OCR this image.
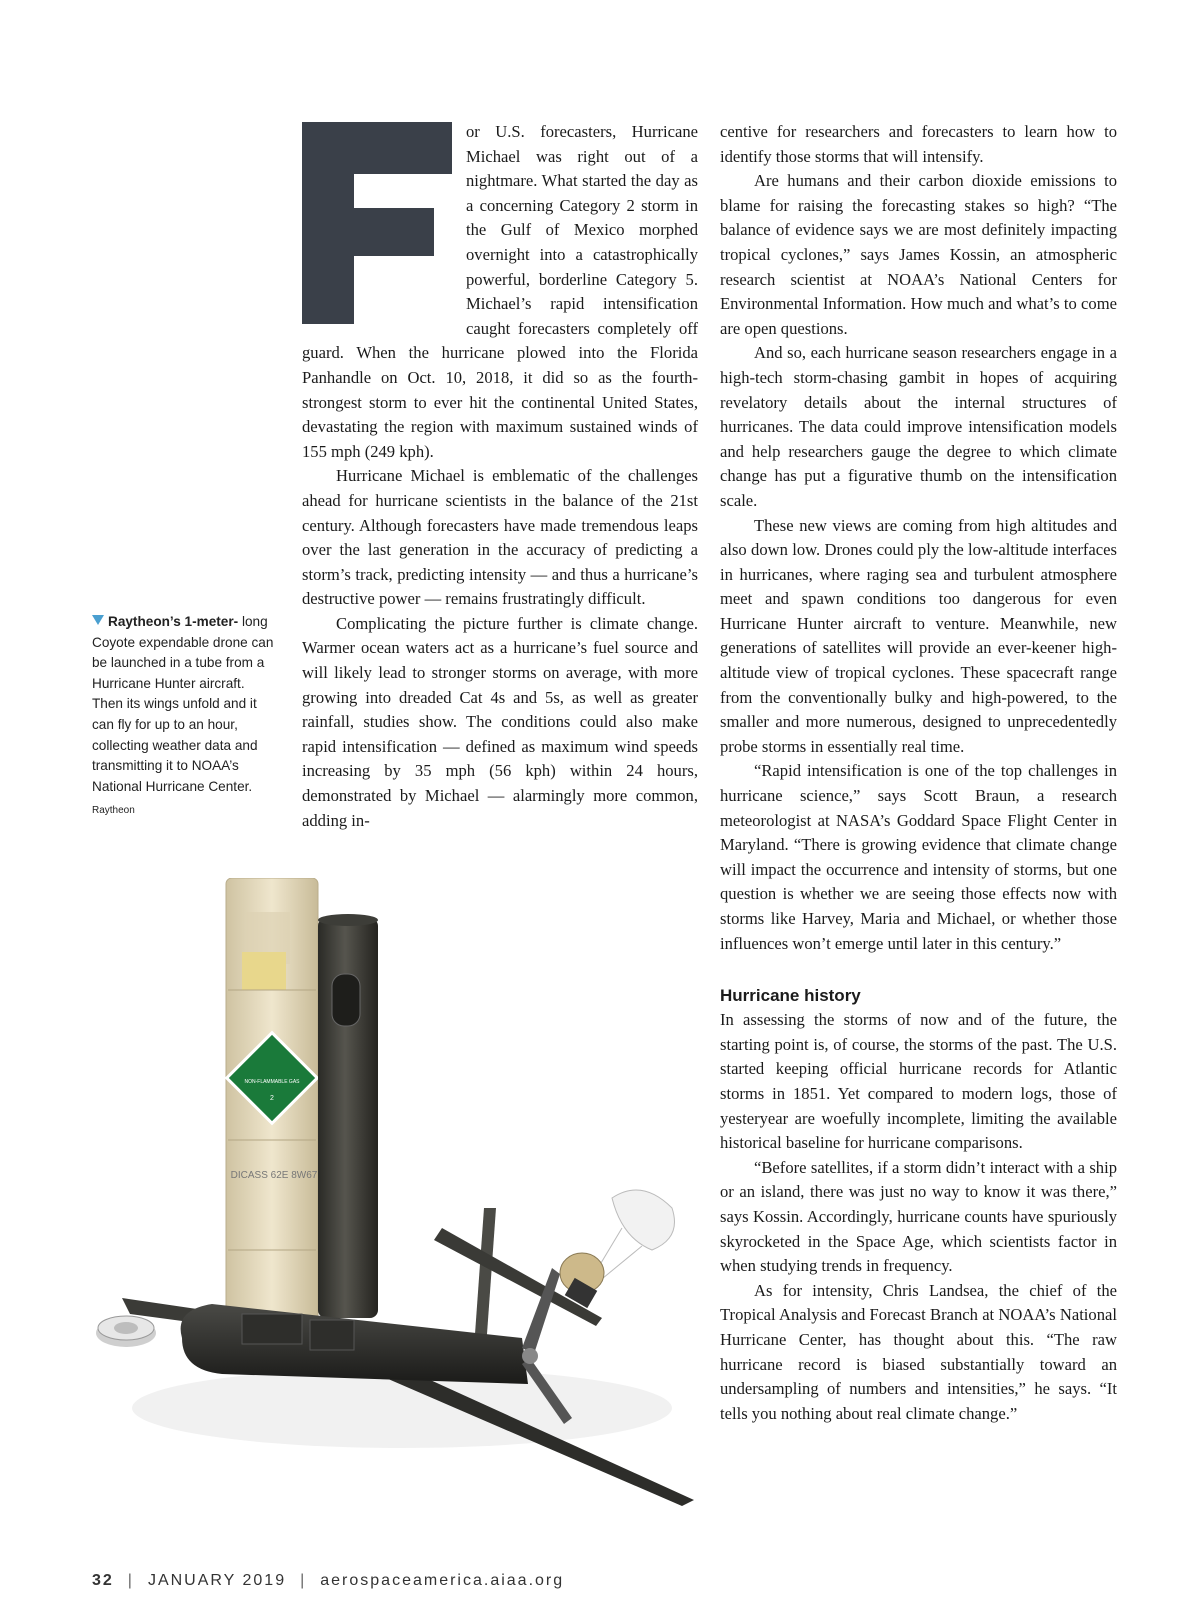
Raytheon’s 1-meter- long Coyote expendable drone can be launched in a tube from a Hurricane Hunter aircraft. Then its wings unfold and it can fly for up to an hour, collecting weather data and transmitting it to NOAA’s National Hurricane Center.
Raytheon

or U.S. forecasters, Hurricane Michael was right out of a nightmare. What started the day as a concerning Category 2 storm in the Gulf of Mexico morphed overnight into a catastrophically powerful, borderline Category 5. Michael’s rapid intensification caught forecasters completely off guard. When the hurricane plowed into the Florida Panhandle on Oct. 10, 2018, it did so as the fourth-strongest storm to ever hit the continental United States, devastating the region with maximum sustained winds of 155 mph (249 kph).

Hurricane Michael is emblematic of the challenges ahead for hurricane scientists in the balance of the 21st century. Although forecasters have made tremendous leaps over the last generation in the accuracy of predicting a storm’s track, predicting intensity — and thus a hurricane’s destructive power — remains frustratingly difficult.

Complicating the picture further is climate change. Warmer ocean waters act as a hurricane’s fuel source and will likely lead to stronger storms on average, with more growing into dreaded Cat 4s and 5s, as well as greater rainfall, studies show. The conditions could also make rapid intensification — defined as maximum wind speeds increasing by 35 mph (56 kph) within 24 hours, demonstrated by Michael — alarmingly more common, adding in-

centive for researchers and forecasters to learn how to identify those storms that will intensify.

Are humans and their carbon dioxide emissions to blame for raising the forecasting stakes so high? “The balance of evidence says we are most definitely impacting tropical cyclones,” says James Kossin, an atmospheric research scientist at NOAA’s National Centers for Environmental Information. How much and what’s to come are open questions.

And so, each hurricane season researchers engage in a high-tech storm-chasing gambit in hopes of acquiring revelatory details about the internal structures of hurricanes. The data could improve intensification models and help researchers gauge the degree to which climate change has put a figurative thumb on the intensification scale.

These new views are coming from high altitudes and also down low. Drones could ply the low-altitude interfaces in hurricanes, where raging sea and turbulent atmosphere meet and spawn conditions too dangerous for even Hurricane Hunter aircraft to venture. Meanwhile, new generations of satellites will provide an ever-keener high-altitude view of tropical cyclones. These spacecraft range from the conventionally bulky and high-powered, to the smaller and more numerous, designed to unprecedentedly probe storms in essentially real time.

“Rapid intensification is one of the top challenges in hurricane science,” says Scott Braun, a research meteorologist at NASA’s Goddard Space Flight Center in Maryland. “There is growing evidence that climate change will impact the occurrence and intensity of storms, but one question is whether we are seeing those effects now with storms like Harvey, Maria and Michael, or whether those influences won’t emerge until later in this century.”

Hurricane history

In assessing the storms of now and of the future, the starting point is, of course, the storms of the past. The U.S. started keeping official hurricane records for Atlantic storms in 1851. Yet compared to modern logs, those of yesteryear are woefully incomplete, limiting the available historical baseline for hurricane comparisons.

“Before satellites, if a storm didn’t interact with a ship or an island, there was just no way to know it was there,” says Kossin. Accordingly, hurricane counts have spuriously skyrocketed in the Space Age, which scientists factor in when studying trends in frequency.

As for intensity, Chris Landsea, the chief of the Tropical Analysis and Forecast Branch at NOAA’s National Hurricane Center, has thought about this. “The raw hurricane record is biased substantially toward an undersampling of numbers and intensities,” he says. “It tells you nothing about real climate change.”

NON-FLAMMABLE GAS
2
DICASS 62E 8W67
32 | JANUARY 2019 | aerospaceamerica.aiaa.org
